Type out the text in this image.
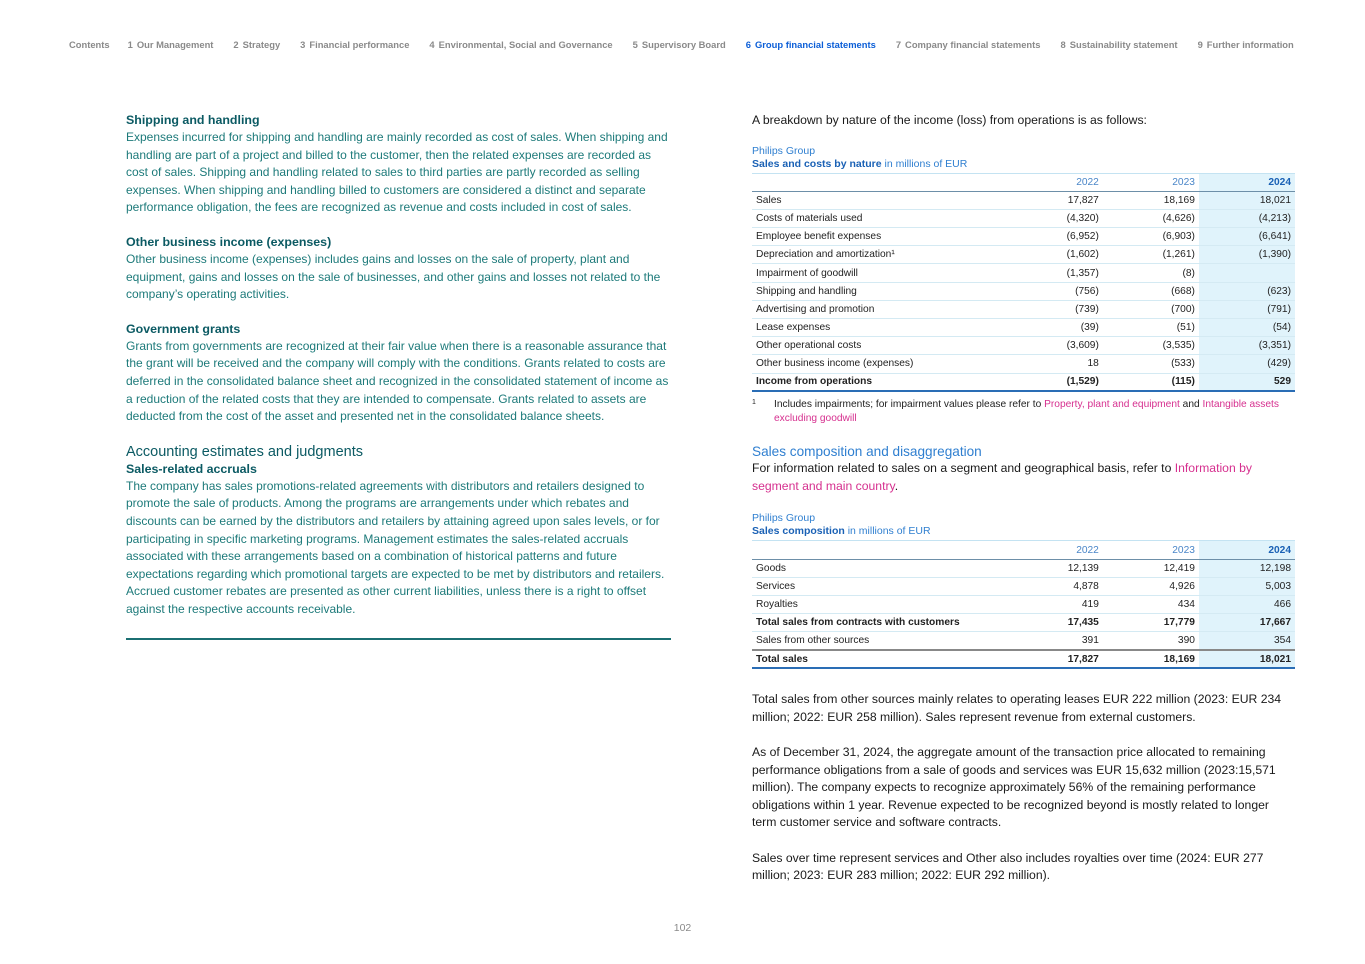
Contents 1 Our Management 2 Strategy 3 Financial performance 4 Environmental, Social and Governance 5 Supervisory Board 6 Group financial statements 7 Company financial statements 8 Sustainability statement 9 Further information
Shipping and handling

Expenses incurred for shipping and handling are mainly recorded as cost of sales. When shipping and handling are part of a project and billed to the customer, then the related expenses are recorded as cost of sales. Shipping and handling related to sales to third parties are partly recorded as selling expenses. When shipping and handling billed to customers are considered a distinct and separate performance obligation, the fees are recognized as revenue and costs included in cost of sales.

Other business income (expenses)

Other business income (expenses) includes gains and losses on the sale of property, plant and equipment, gains and losses on the sale of businesses, and other gains and losses not related to the company’s operating activities.

Government grants

Grants from governments are recognized at their fair value when there is a reasonable assurance that the grant will be received and the company will comply with the conditions. Grants related to costs are deferred in the consolidated balance sheet and recognized in the consolidated statement of income as a reduction of the related costs that they are intended to compensate. Grants related to assets are deducted from the cost of the asset and presented net in the consolidated balance sheets.

Accounting estimates and judgments
Sales-related accruals

The company has sales promotions-related agreements with distributors and retailers designed to promote the sale of products. Among the programs are arrangements under which rebates and discounts can be earned by the distributors and retailers by attaining agreed upon sales levels, or for participating in specific marketing programs. Management estimates the sales-related accruals associated with these arrangements based on a combination of historical patterns and future expectations regarding which promotional targets are expected to be met by distributors and retailers. Accrued customer rebates are presented as other current liabilities, unless there is a right to offset against the respective accounts receivable.

A breakdown by nature of the income (loss) from operations is as follows:

Philips Group
Sales and costs by nature in millions of EUR
	2022	2023	2024
Sales	17,827	18,169	18,021
Costs of materials used	(4,320)	(4,626)	(4,213)
Employee benefit expenses	(6,952)	(6,903)	(6,641)
Depreciation and amortization¹	(1,602)	(1,261)	(1,390)
Impairment of goodwill	(1,357)	(8)	
Shipping and handling	(756)	(668)	(623)
Advertising and promotion	(739)	(700)	(791)
Lease expenses	(39)	(51)	(54)
Other operational costs	(3,609)	(3,535)	(3,351)
Other business income (expenses)	18	(533)	(429)
Income from operations	(1,529)	(115)	529
1	Includes impairments; for impairment values please refer to Property, plant and equipment and Intangible assets excluding goodwill
Sales composition and disaggregation

For information related to sales on a segment and geographical basis, refer to Information by segment and main country.

Philips Group
Sales composition in millions of EUR
	2022	2023	2024
Goods	12,139	12,419	12,198
Services	4,878	4,926	5,003
Royalties	419	434	466
Total sales from contracts with customers	17,435	17,779	17,667
Sales from other sources	391	390	354
Total sales	17,827	18,169	18,021

Total sales from other sources mainly relates to operating leases EUR 222 million (2023: EUR 234 million; 2022: EUR 258 million). Sales represent revenue from external customers.

As of December 31, 2024, the aggregate amount of the transaction price allocated to remaining performance obligations from a sale of goods and services was EUR 15,632 million (2023:15,571 million). The company expects to recognize approximately 56% of the remaining performance obligations within 1 year. Revenue expected to be recognized beyond is mostly related to longer term customer service and software contracts.

Sales over time represent services and Other also includes royalties over time (2024: EUR 277 million; 2023: EUR 283 million; 2022: EUR 292 million).

102
